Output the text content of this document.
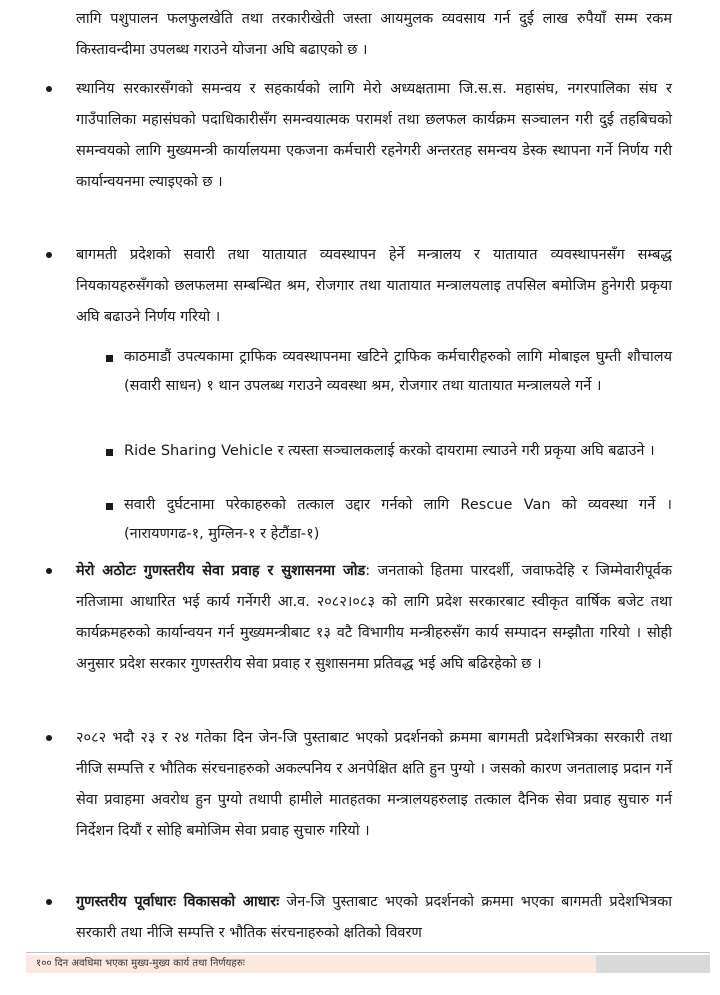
लागि पशुपालन फलफुलखेति तथा तरकारीखेती जस्ता आयमुलक व्यवसाय गर्न दुई लाख रुपैयाँ सम्म रकम किस्तावन्दीमा उपलब्ध गराउने योजना अघि बढाएको छ ।
स्थानिय सरकारसँगको समन्वय र सहकार्यको लागि मेरो अध्यक्षतामा जि.स.स. महासंघ, नगरपालिका संघ र गाउँपालिका महासंघको पदाधिकारीसँग समन्वयात्मक परामर्श तथा छलफल कार्यक्रम सञ्चालन गरी दुई तहबिचको समन्वयको लागि मुख्यमन्त्री कार्यालयमा एकजना कर्मचारी रहनेगरी अन्तरतह समन्वय डेस्क स्थापना गर्ने निर्णय गरी कार्यान्वयनमा ल्याइएको छ ।
बागमती प्रदेशको सवारी तथा यातायात व्यवस्थापन हेर्ने मन्त्रालय र यातायात व्यवस्थापनसँग सम्बद्ध नियकायहरुसँगको छलफलमा सम्बन्धित श्रम, रोजगार तथा यातायात मन्त्रालयलाइ तपसिल बमोजिम हुनेगरी प्रकृया अघि बढाउने निर्णय गरियो ।
काठमाडौं उपत्यकामा ट्राफिक व्यवस्थापनमा खटिने ट्राफिक कर्मचारीहरुको लागि मोबाइल घुम्ती शौचालय (सवारी साधन) १ थान उपलब्ध गराउने व्यवस्था श्रम, रोजगार तथा यातायात मन्त्रालयले गर्ने ।
Ride Sharing Vehicle र त्यस्ता सञ्चालकलाई करको दायरामा ल्याउने गरी प्रकृया अघि बढाउने ।
सवारी दुर्घटनामा परेकाहरुको तत्काल उद्दार गर्नको लागि Rescue Van को व्यवस्था गर्ने । (नारायणगढ-१, मुग्लिन-१ र हेटौंडा-१)
मेरो अठोटः गुणस्तरीय सेवा प्रवाह र सुशासनमा जोड: जनताको हितमा पारदर्शी, जवाफदेहि र जिम्मेवारीपूर्वक नतिजामा आधारित भई कार्य गर्नेगरी आ.व. २०८२।०८३ को लागि प्रदेश सरकारबाट स्वीकृत वार्षिक बजेट तथा कार्यक्रमहरुको कार्यान्वयन गर्न मुख्यमन्त्रीबाट १३ वटै विभागीय मन्त्रीहरुसँग कार्य सम्पादन सम्झौता गरियो । सोही अनुसार प्रदेश सरकार गुणस्तरीय सेवा प्रवाह र सुशासनमा प्रतिवद्ध भई अघि बढिरहेको छ ।
२०८२ भदौ २३ र २४ गतेका दिन जेन-जि पुस्ताबाट भएको प्रदर्शनको क्रममा बागमती प्रदेशभित्रका सरकारी तथा नीजि सम्पत्ति र भौतिक संरचनाहरुको अकल्पनिय र अनपेक्षित क्षति हुन पुग्यो । जसको कारण जनतालाइ प्रदान गर्ने सेवा प्रवाहमा अवरोध हुन पुग्यो तथापी हामीले मातहतका मन्त्रालयहरुलाइ तत्काल दैनिक सेवा प्रवाह सुचारु गर्न निर्देशन दियौं र सोहि बमोजिम सेवा प्रवाह सुचारु गरियो ।
गुणस्तरीय पूर्वाधारः विकासको आधारः जेन-जि पुस्ताबाट भएको प्रदर्शनको क्रममा भएका बागमती प्रदेशभित्रका सरकारी तथा नीजि सम्पत्ति र भौतिक संरचनाहरुको क्षतिको विवरण
१०० दिन अवधिमा भएका मुख्य-मुख्य कार्य तथा निर्णयहरुः
